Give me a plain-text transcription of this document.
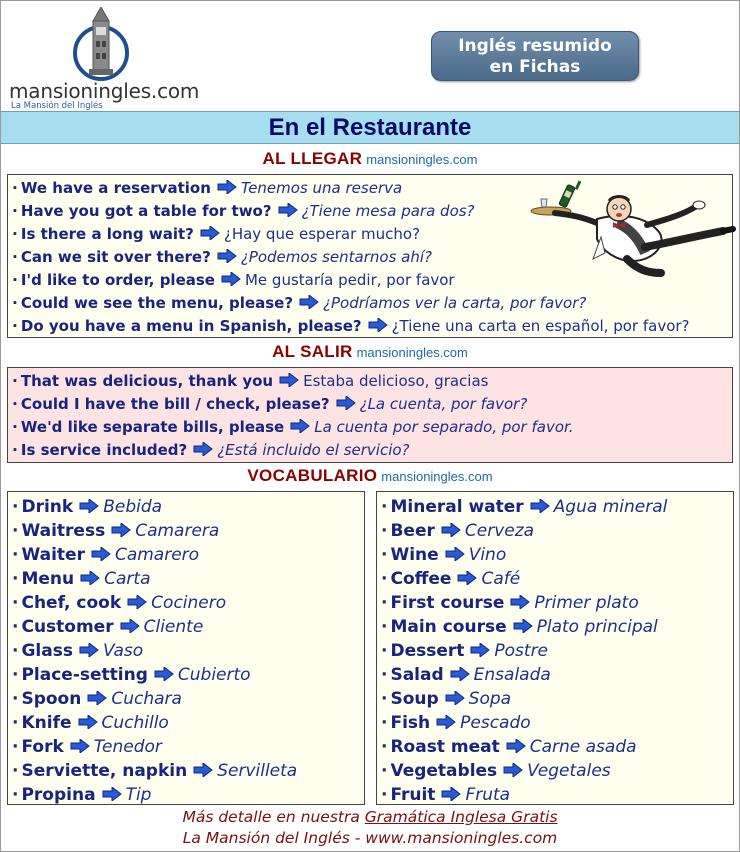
mansioningles.com
La Mansión del Inglés
Inglés resumido
en Fichas
En el Restaurante
AL LLEGAR mansioningles.com
· We have a reservation Tenemos una reserva
· Have you got a table for two? ¿Tiene mesa para dos?
· Is there a long wait? ¿Hay que esperar mucho?
· Can we sit over there? ¿Podemos sentarnos ahí?
· I'd like to order, please Me gustaría pedir, por favor
· Could we see the menu, please? ¿Podríamos ver la carta, por favor?
· Do you have a menu in Spanish, please? ¿Tiene una carta en español, por favor?
AL SALIR mansioningles.com
· That was delicious, thank you Estaba delicioso, gracias
· Could I have the bill / check, please? ¿La cuenta, por favor?
· We'd like separate bills, please La cuenta por separado, por favor.
· Is service included? ¿Está incluido el servicio?
VOCABULARIO mansioningles.com
· Drink Bebida
· Waitress Camarera
· Waiter Camarero
· Menu Carta
· Chef, cook Cocinero
· Customer Cliente
· Glass Vaso
· Place-setting Cubierto
· Spoon Cuchara
· Knife Cuchillo
· Fork Tenedor
· Serviette, napkin Servilleta
· Propina Tip
· Mineral water Agua mineral
· Beer Cerveza
· Wine Vino
· Coffee Café
· First course Primer plato
· Main course Plato principal
· Dessert Postre
· Salad Ensalada
· Soup Sopa
· Fish Pescado
· Roast meat Carne asada
· Vegetables Vegetales
· Fruit Fruta
Más detalle en nuestra Gramática Inglesa Gratis
La Mansión del Inglés - www.mansioningles.com
